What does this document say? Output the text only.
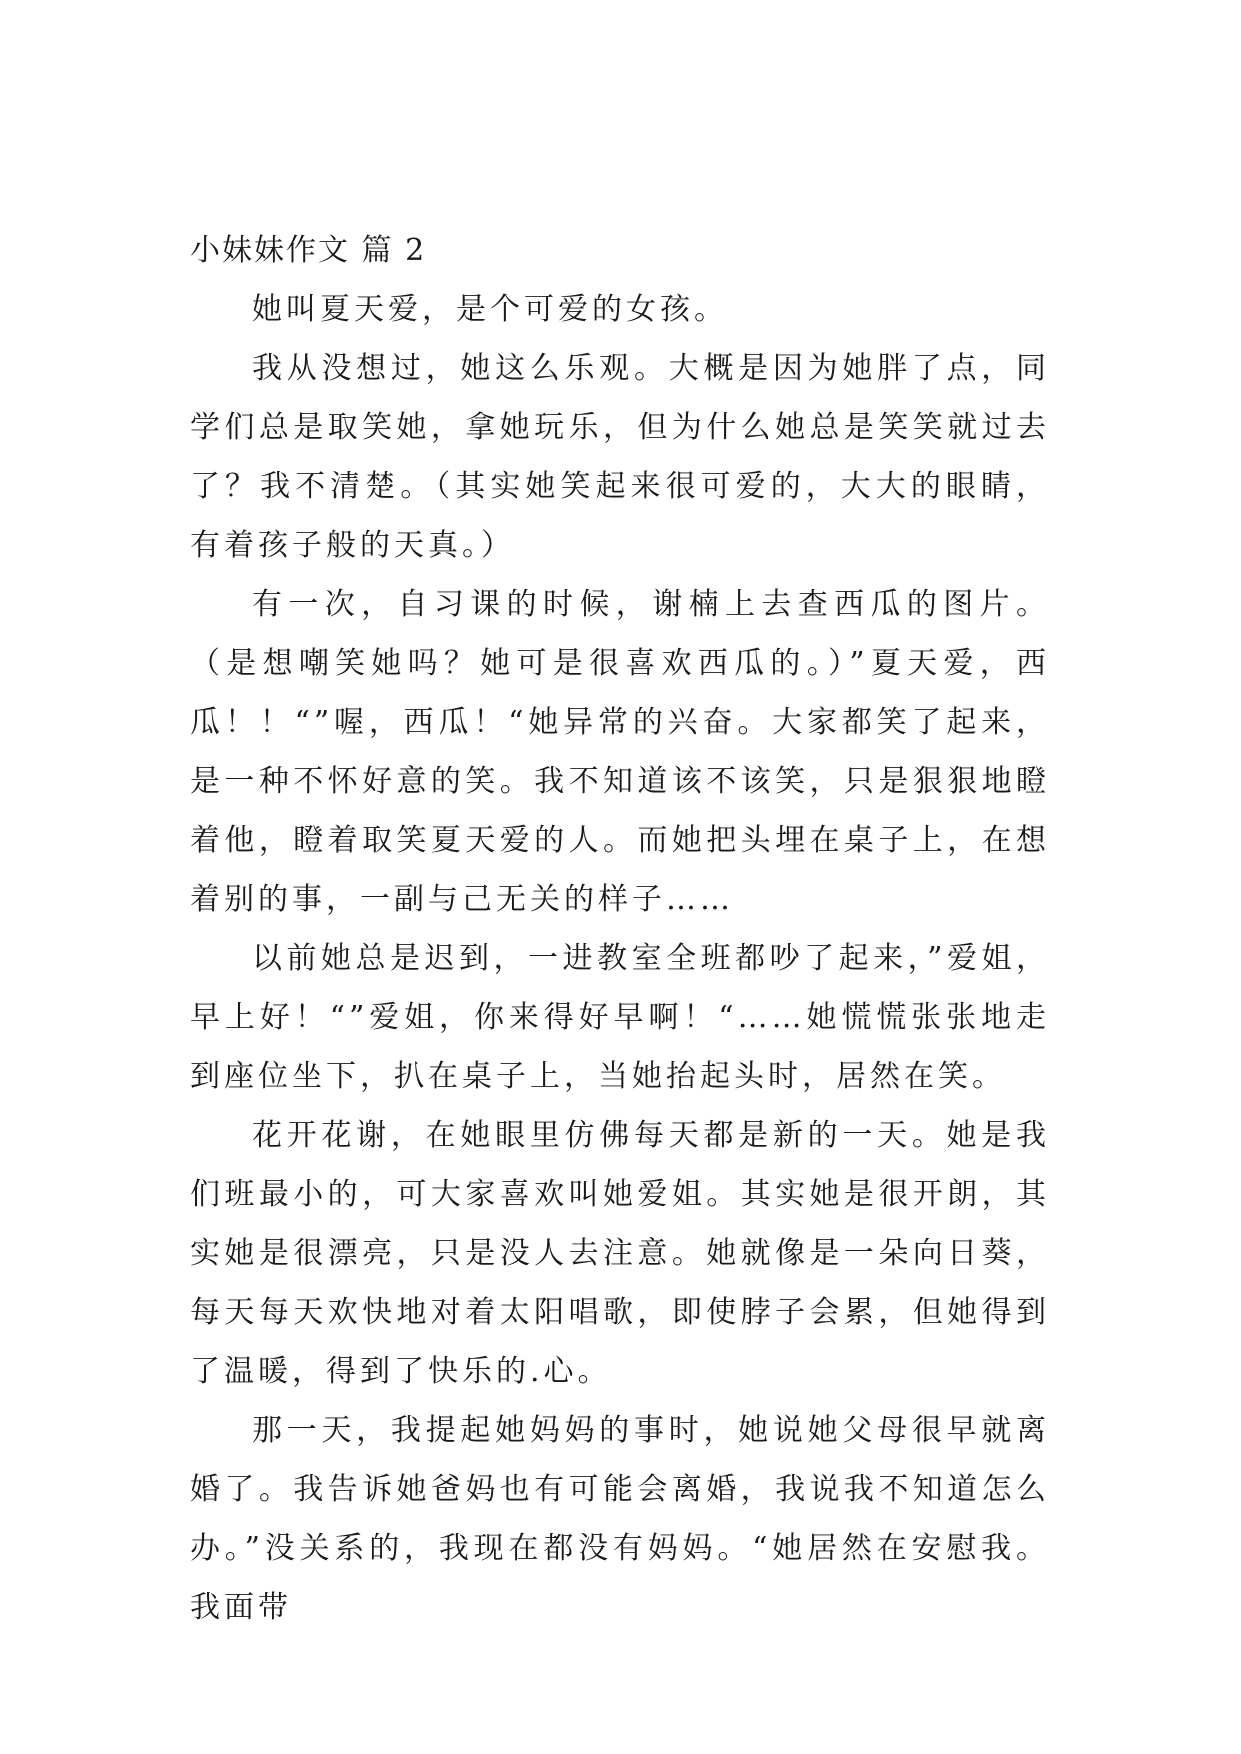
小妹妹作文 篇 2

她叫夏天爱，是个可爱的女孩。

我从没想过，她这么乐观。大概是因为她胖了点，同学们总是取笑她，拿她玩乐，但为什么她总是笑笑就过去了？我不清楚。（其实她笑起来很可爱的，大大的眼睛，有着孩子般的天真。）

有一次，自习课的时候，谢楠上去查西瓜的图片。（是想嘲笑她吗？她可是很喜欢西瓜的。）”夏天爱，西瓜！！“”喔，西瓜！“她异常的兴奋。大家都笑了起来，是一种不怀好意的笑。我不知道该不该笑，只是狠狠地瞪着他，瞪着取笑夏天爱的人。而她把头埋在桌子上，在想着别的事，一副与己无关的样子……

以前她总是迟到，一进教室全班都吵了起来，”爱姐，早上好！“”爱姐，你来得好早啊！“……她慌慌张张地走到座位坐下，扒在桌子上，当她抬起头时，居然在笑。

花开花谢，在她眼里仿佛每天都是新的一天。她是我们班最小的，可大家喜欢叫她爱姐。其实她是很开朗，其实她是很漂亮，只是没人去注意。她就像是一朵向日葵，每天每天欢快地对着太阳唱歌，即使脖子会累，但她得到了温暖，得到了快乐的.心。

那一天，我提起她妈妈的事时，她说她父母很早就离婚了。我告诉她爸妈也有可能会离婚，我说我不知道怎么办。”没关系的，我现在都没有妈妈。“她居然在安慰我。我面带
